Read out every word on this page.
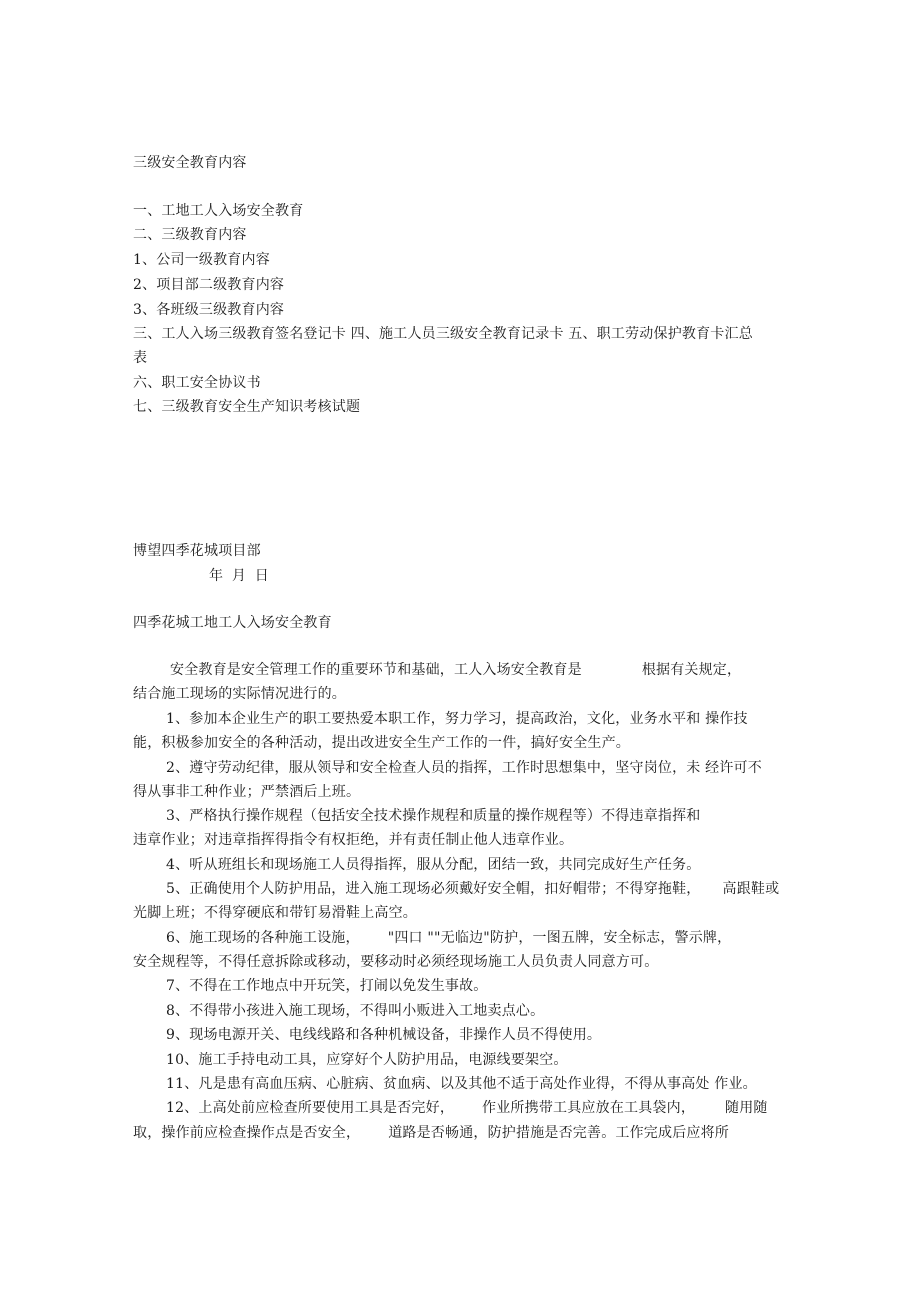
三级安全教育内容
一、工地工人入场安全教育
二、三级教育内容
1、公司一级教育内容
2、项目部二级教育内容
3、各班级三级教育内容
三、工人入场三级教育签名登记卡 四、施工人员三级安全教育记录卡 五、职工劳动保护教育卡汇总
表
六、职工安全协议书
七、三级教育安全生产知识考核试题
博望四季花城项目部
年 月 日
四季花城工地工人入场安全教育
安全教育是安全管理工作的重要环节和基础，工人入场安全教育是	根据有关规定，
结合施工现场的实际情况进行的。
1、参加本企业生产的职工要热爱本职工作，努力学习，提高政治，文化，业务水平和 操作技
能，积极参加安全的各种活动，提出改进安全生产工作的一件，搞好安全生产。
2、遵守劳动纪律，服从领导和安全检查人员的指挥，工作时思想集中，坚守岗位，未 经许可不
得从事非工种作业；严禁酒后上班。
3、严格执行操作规程（包括安全技术操作规程和质量的操作规程等）不得违章指挥和
违章作业；对违章指挥得指令有权拒绝，并有责任制止他人违章作业。
4、听从班组长和现场施工人员得指挥，服从分配，团结一致，共同完成好生产任务。
5、正确使用个人防护用品，进入施工现场必须戴好安全帽，扣好帽带；不得穿拖鞋， 高跟鞋或
光脚上班；不得穿硬底和带钉易滑鞋上高空。
6、施工现场的各种施工设施， "四口 ""无临边"防护，一图五牌，安全标志，警示牌，
安全规程等，不得任意拆除或移动，要移动时必须经现场施工人员负责人同意方可。
7、不得在工作地点中开玩笑，打闹以免发生事故。
8、不得带小孩进入施工现场，不得叫小贩进入工地卖点心。
9、现场电源开关、电线线路和各种机械设备，非操作人员不得使用。
10、施工手持电动工具，应穿好个人防护用品，电源线要架空。
11、凡是患有高血压病、心脏病、贫血病、以及其他不适于高处作业得，不得从事高处 作业。
12、上高处前应检查所要使用工具是否完好， 作业所携带工具应放在工具袋内， 随用随
取，操作前应检查操作点是否安全， 道路是否畅通，防护措施是否完善。工作完成后应将所
